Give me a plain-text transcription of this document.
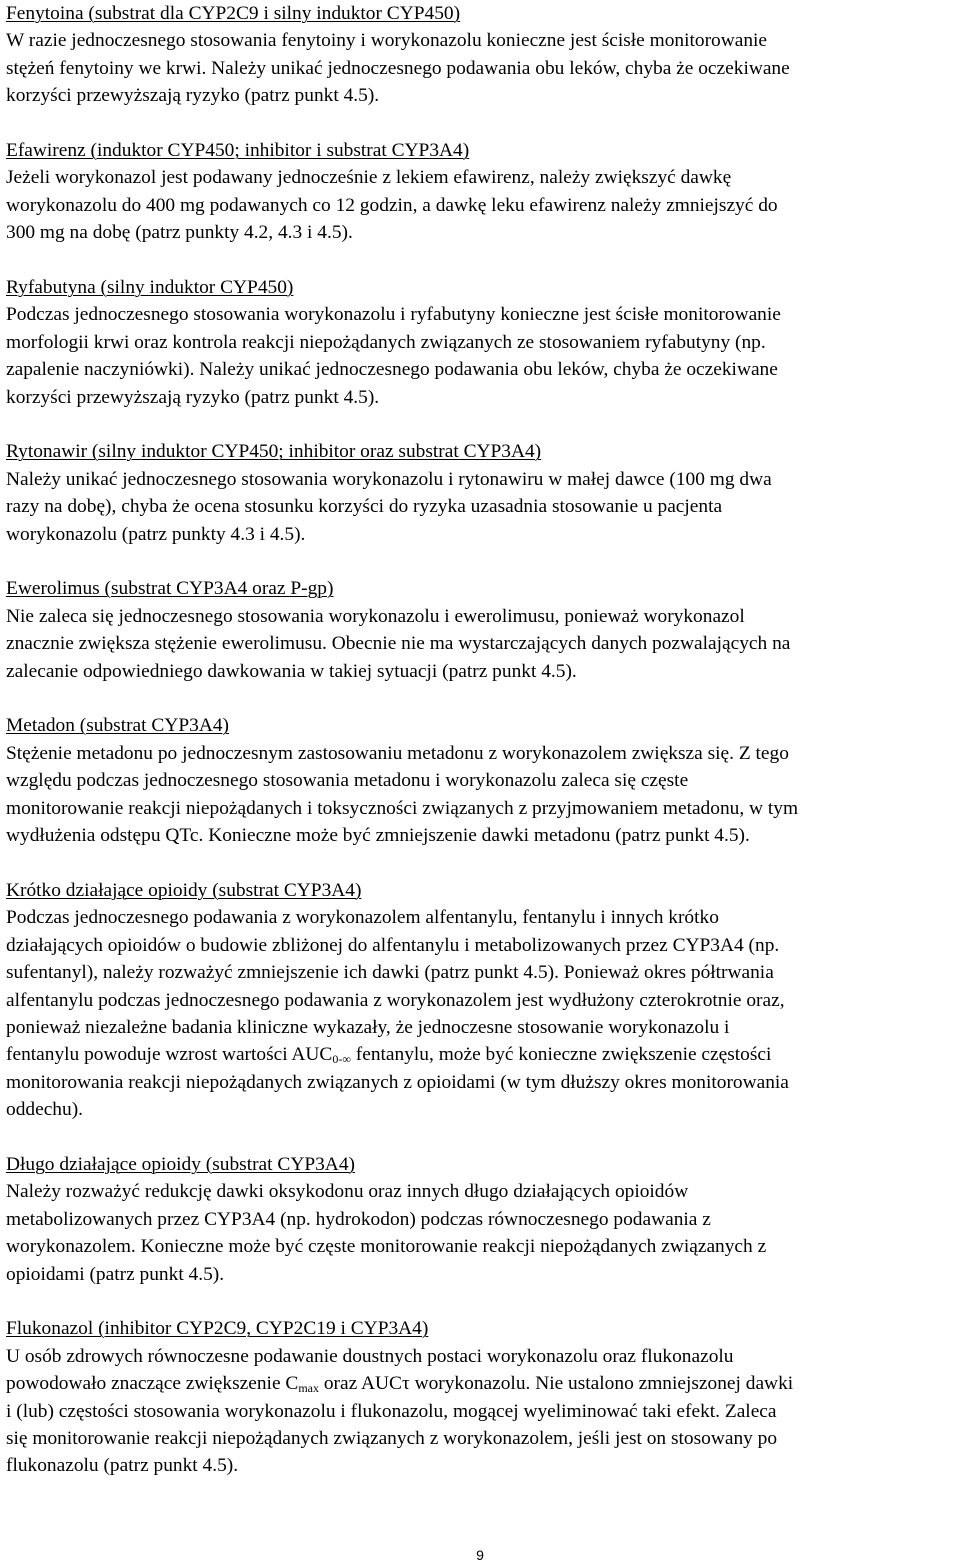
Fenytoina (substrat dla CYP2C9 i silny induktor CYP450)
W razie jednoczesnego stosowania fenytoiny i worykonazolu konieczne jest ścisłe monitorowanie
stężeń fenytoiny we krwi. Należy unikać jednoczesnego podawania obu leków, chyba że oczekiwane
korzyści przewyższają ryzyko (patrz punkt 4.5).
Efawirenz (induktor CYP450; inhibitor i substrat CYP3A4)
Jeżeli worykonazol jest podawany jednocześnie z lekiem efawirenz, należy zwiększyć dawkę
worykonazolu do 400 mg podawanych co 12 godzin, a dawkę leku efawirenz należy zmniejszyć do
300 mg na dobę (patrz punkty 4.2, 4.3 i 4.5).
Ryfabutyna (silny induktor CYP450)
Podczas jednoczesnego stosowania worykonazolu i ryfabutyny konieczne jest ścisłe monitorowanie
morfologii krwi oraz kontrola reakcji niepożądanych związanych ze stosowaniem ryfabutyny (np.
zapalenie naczyniówki). Należy unikać jednoczesnego podawania obu leków, chyba że oczekiwane
korzyści przewyższają ryzyko (patrz punkt 4.5).
Rytonawir (silny induktor CYP450; inhibitor oraz substrat CYP3A4)
Należy unikać jednoczesnego stosowania worykonazolu i rytonawiru w małej dawce (100 mg dwa
razy na dobę), chyba że ocena stosunku korzyści do ryzyka uzasadnia stosowanie u pacjenta
worykonazolu (patrz punkty 4.3 i 4.5).
Ewerolimus (substrat CYP3A4 oraz P-gp)
Nie zaleca się jednoczesnego stosowania worykonazolu i ewerolimusu, ponieważ worykonazol
znacznie zwiększa stężenie ewerolimusu. Obecnie nie ma wystarczających danych pozwalających na
zalecanie odpowiedniego dawkowania w takiej sytuacji (patrz punkt 4.5).
Metadon (substrat CYP3A4)
Stężenie metadonu po jednoczesnym zastosowaniu metadonu z worykonazolem zwiększa się. Z tego
względu podczas jednoczesnego stosowania metadonu i worykonazolu zaleca się częste
monitorowanie reakcji niepożądanych i toksyczności związanych z przyjmowaniem metadonu, w tym
wydłużenia odstępu QTc. Konieczne może być zmniejszenie dawki metadonu (patrz punkt 4.5).
Krótko działające opioidy (substrat CYP3A4)
Podczas jednoczesnego podawania z worykonazolem alfentanylu, fentanylu i innych krótko
działających opioidów o budowie zbliżonej do alfentanylu i metabolizowanych przez CYP3A4 (np.
sufentanyl), należy rozważyć zmniejszenie ich dawki (patrz punkt 4.5). Ponieważ okres półtrwania
alfentanylu podczas jednoczesnego podawania z worykonazolem jest wydłużony czterokrotnie oraz,
ponieważ niezależne badania kliniczne wykazały, że jednoczesne stosowanie worykonazolu i
fentanylu powoduje wzrost wartości $AUC_{0-\infty}$ fentanylu, może być konieczne zwiększenie częstości
monitorowania reakcji niepożądanych związanych z opioidami (w tym dłuższy okres monitorowania
oddechu).
Długo działające opioidy (substrat CYP3A4)
Należy rozważyć redukcję dawki oksykodonu oraz innych długo działających opioidów
metabolizowanych przez CYP3A4 (np. hydrokodon) podczas równoczesnego podawania z
worykonazolem. Konieczne może być częste monitorowanie reakcji niepożądanych związanych z
opioidami (patrz punkt 4.5).
Flukonazol (inhibitor CYP2C9, CYP2C19 i CYP3A4)
U osób zdrowych równoczesne podawanie doustnych postaci worykonazolu oraz flukonazolu
powodowało znaczące zwiększenie $C_{max}$ oraz AUCτ worykonazolu. Nie ustalono zmniejszonej dawki
i (lub) częstości stosowania worykonazolu i flukonazolu, mogącej wyeliminować taki efekt. Zaleca
się monitorowanie reakcji niepożądanych związanych z worykonazolem, jeśli jest on stosowany po
flukonazolu (patrz punkt 4.5).
9
